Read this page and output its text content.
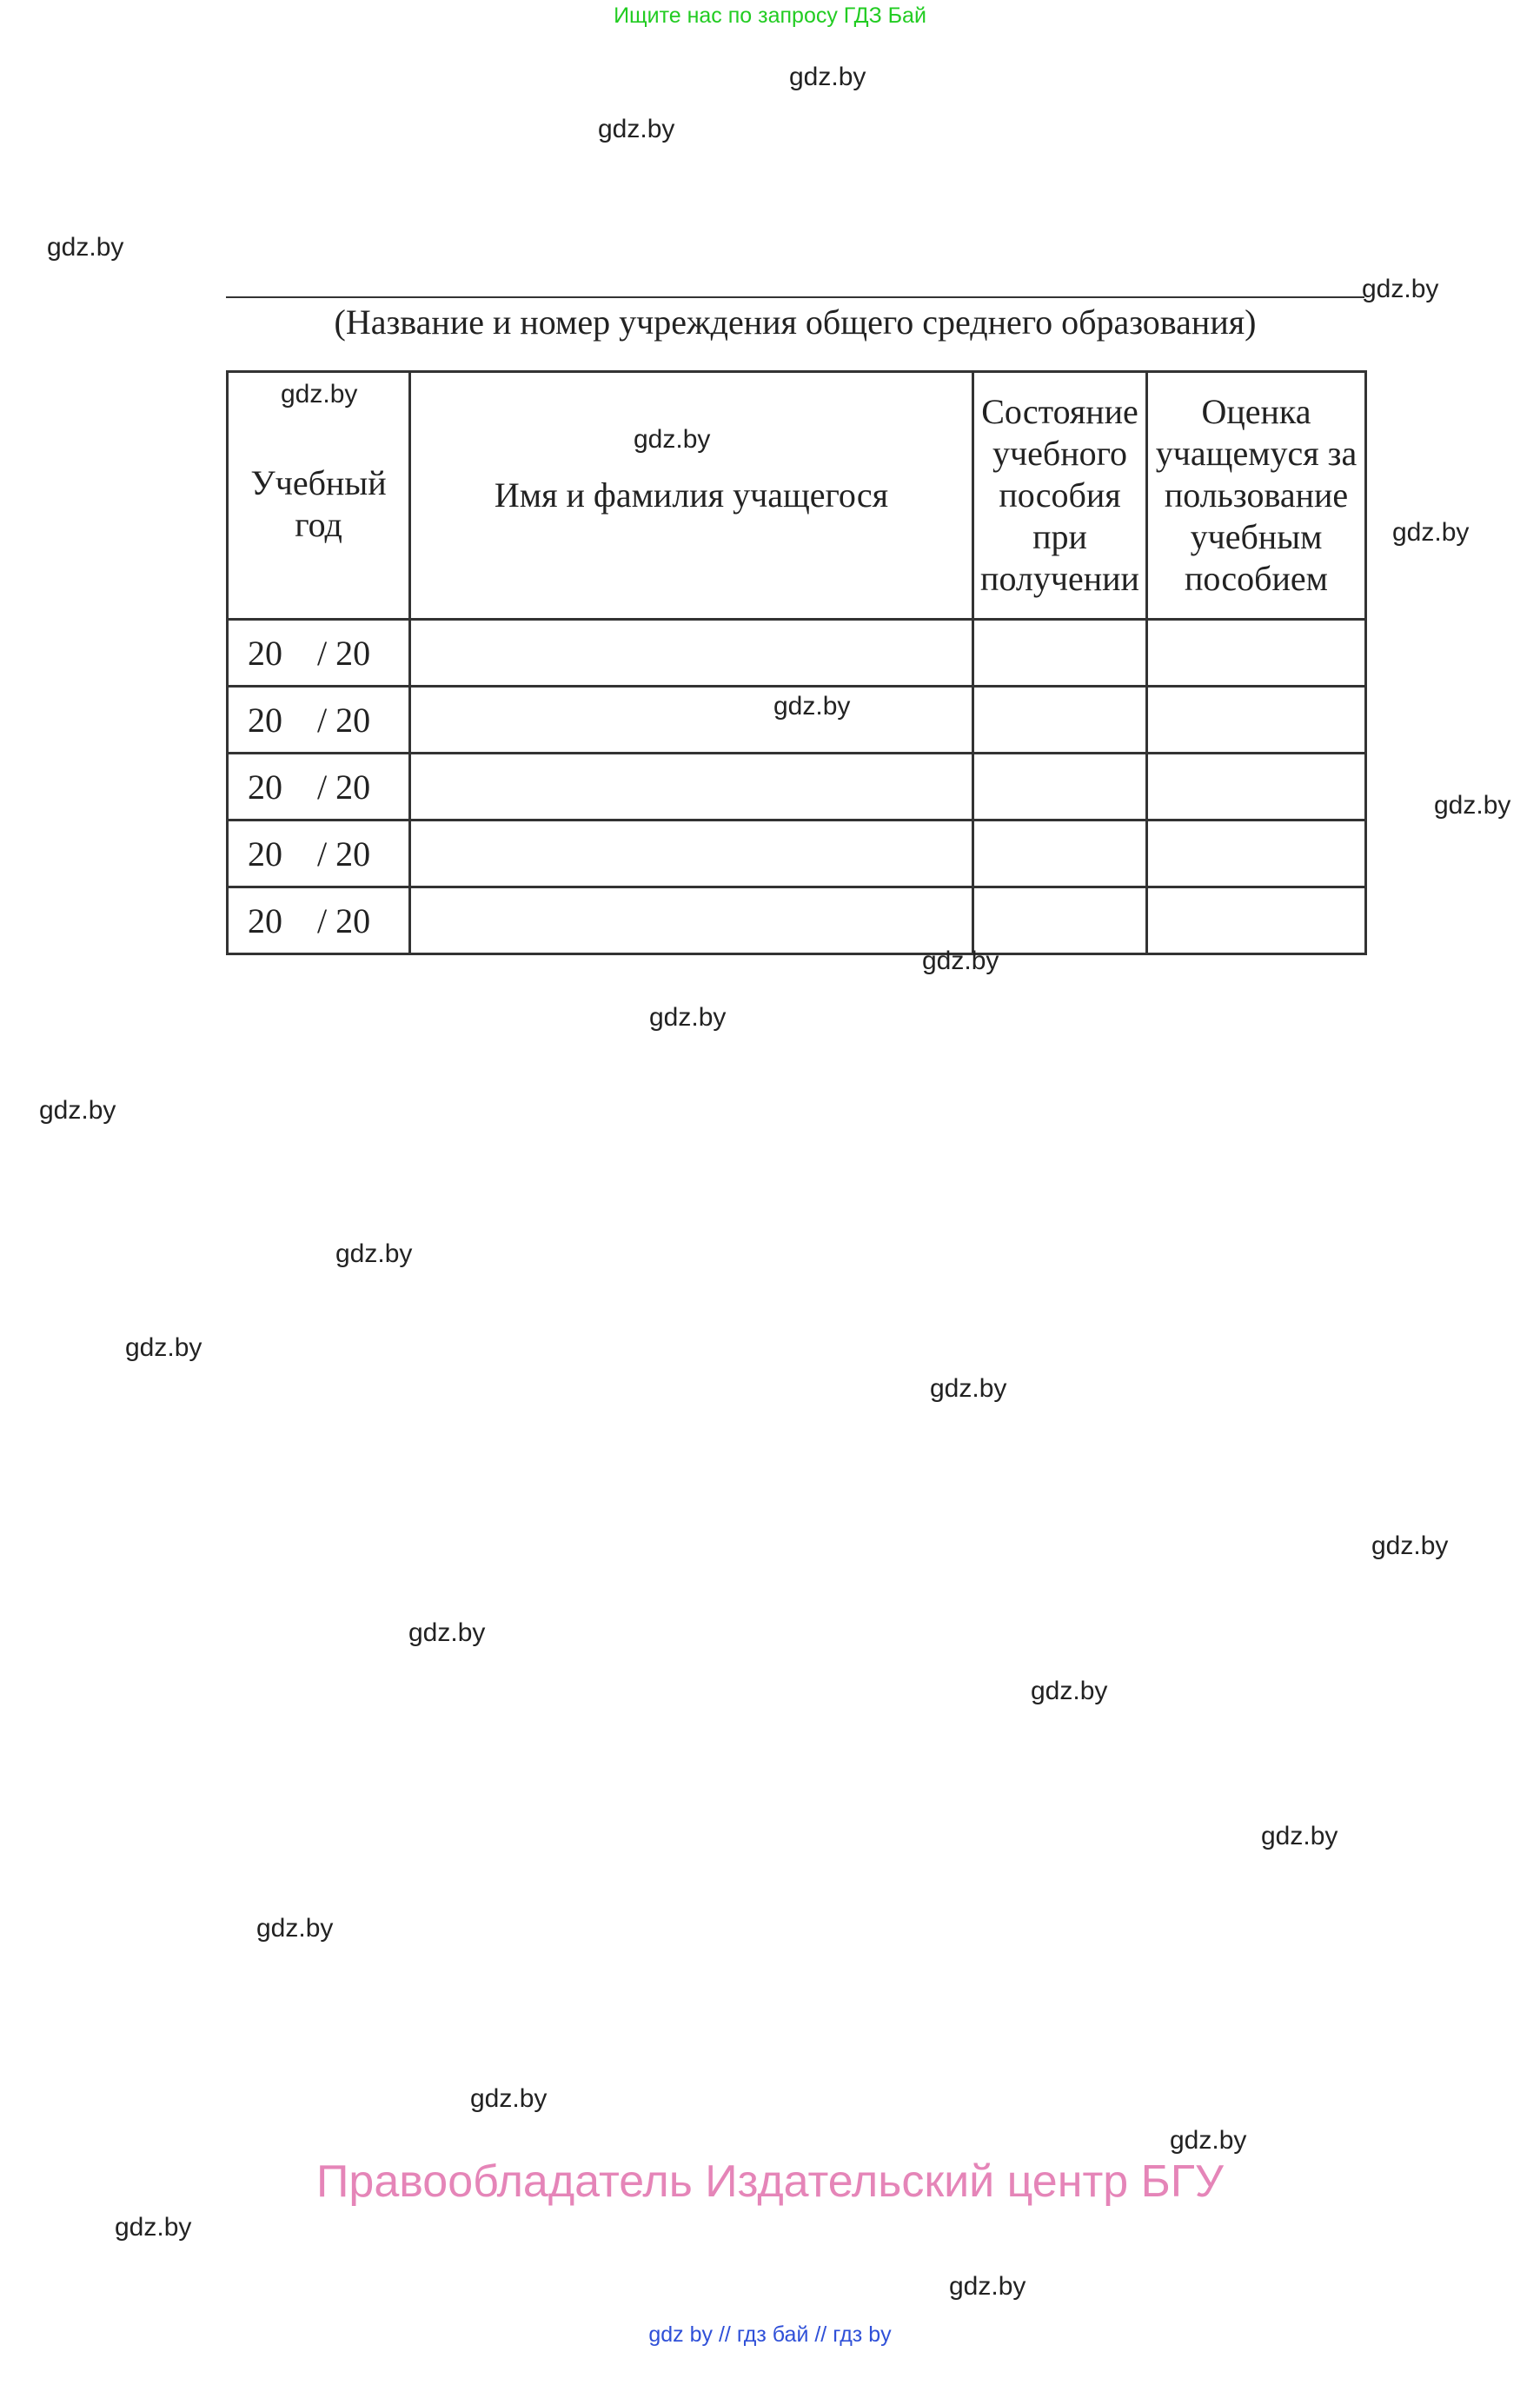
Ищите нас по запросу ГДЗ Бай
(Название и номер учреждения общего среднего образования)
Учебный год	Имя и фамилия учащегося	Состояние учебного пособия при получении	Оценка учащемуся за пользование учебным пособием
20 / 20			
20 / 20			
20 / 20			
20 / 20			
20 / 20			
gdz.by
gdz.by
gdz.by
gdz.by
gdz.by
gdz.by
gdz.by
gdz.by
gdz.by
gdz.by
gdz.by
gdz.by
gdz.by
gdz.by
gdz.by
gdz.by
gdz.by
gdz.by
gdz.by
gdz.by
gdz.by
gdz.by
gdz.by
gdz.by
Правообладатель Издательский центр БГУ
gdz by // гдз бай // гдз by
